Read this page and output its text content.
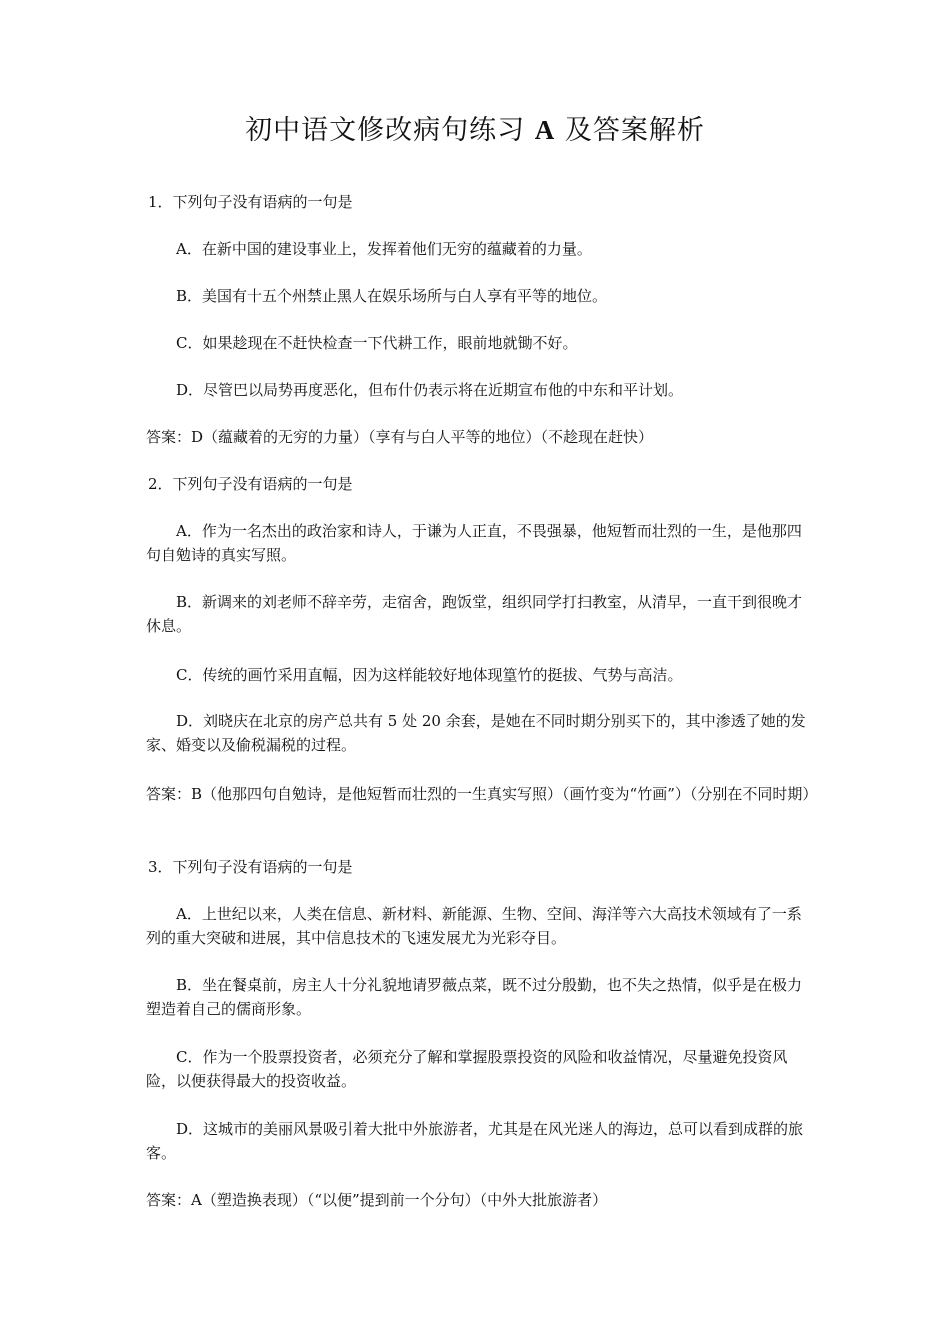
初中语文修改病句练习 A 及答案解析
1．下列句子没有语病的一句是
A．在新中国的建设事业上，发挥着他们无穷的蕴藏着的力量。
B．美国有十五个州禁止黑人在娱乐场所与白人享有平等的地位。
C．如果趁现在不赶快检查一下代耕工作，眼前地就锄不好。
D．尽管巴以局势再度恶化，但布什仍表示将在近期宣布他的中东和平计划。
答案：D（蕴藏着的无穷的力量）（享有与白人平等的地位）（不趁现在赶快）
2．下列句子没有语病的一句是
A．作为一名杰出的政治家和诗人，于谦为人正直，不畏强暴，他短暂而壮烈的一生，是他那四句自勉诗的真实写照。
B．新调来的刘老师不辞辛劳，走宿舍，跑饭堂，组织同学打扫教室，从清早，一直干到很晚才休息。
C．传统的画竹采用直幅，因为这样能较好地体现篁竹的挺拔、气势与高洁。
D．刘晓庆在北京的房产总共有 5 处 20 余套，是她在不同时期分别买下的，其中渗透了她的发家、婚变以及偷税漏税的过程。
答案：B（他那四句自勉诗，是他短暂而壮烈的一生真实写照）（画竹变为“竹画”）（分别在不同时期）
3．下列句子没有语病的一句是
A．上世纪以来，人类在信息、新材料、新能源、生物、空间、海洋等六大高技术领域有了一系列的重大突破和进展，其中信息技术的飞速发展尤为光彩夺目。
B．坐在餐桌前，房主人十分礼貌地请罗薇点菜，既不过分殷勤，也不失之热情，似乎是在极力塑造着自己的儒商形象。
C．作为一个股票投资者，必须充分了解和掌握股票投资的风险和收益情况，尽量避免投资风险，以便获得最大的投资收益。
D．这城市的美丽风景吸引着大批中外旅游者，尤其是在风光迷人的海边，总可以看到成群的旅客。
答案：A（塑造换表现）（“以便”提到前一个分句）（中外大批旅游者）
